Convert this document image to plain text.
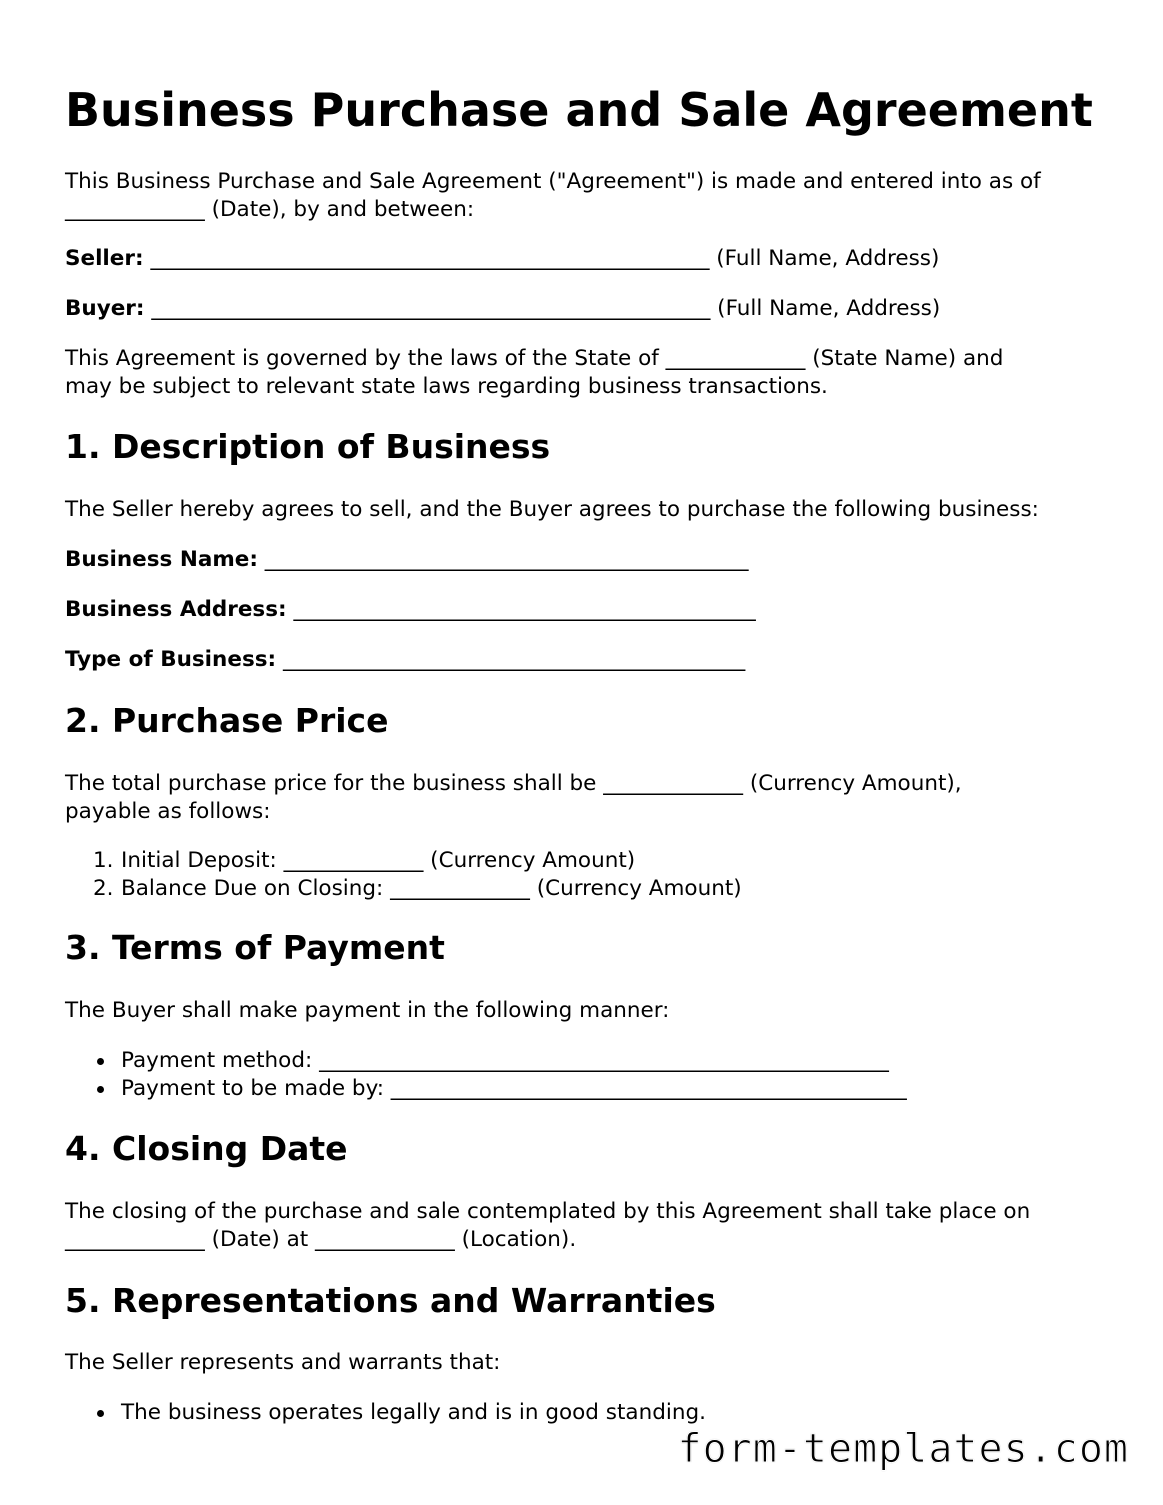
Business Purchase and Sale Agreement

This Business Purchase and Sale Agreement ("Agreement") is made and entered into as of

_____________ (Date), by and between:

Seller: ____________________________________________________ (Full Name, Address)

Buyer: ____________________________________________________ (Full Name, Address)

This Agreement is governed by the laws of the State of _____________ (State Name) and

may be subject to relevant state laws regarding business transactions.

1. Description of Business

The Seller hereby agrees to sell, and the Buyer agrees to purchase the following business:

Business Name: _____________________________________________

Business Address: ___________________________________________

Type of Business: ___________________________________________

2. Purchase Price

The total purchase price for the business shall be _____________ (Currency Amount),

payable as follows:

1. Initial Deposit: _____________ (Currency Amount)
2. Balance Due on Closing: _____________ (Currency Amount)
3. Terms of Payment

The Buyer shall make payment in the following manner:

Payment method: _____________________________________________________
Payment to be made by: ________________________________________________
4. Closing Date

The closing of the purchase and sale contemplated by this Agreement shall take place on

_____________ (Date) at _____________ (Location).

5. Representations and Warranties

The Seller represents and warrants that:

The business operates legally and is in good standing.
form-templates.com
